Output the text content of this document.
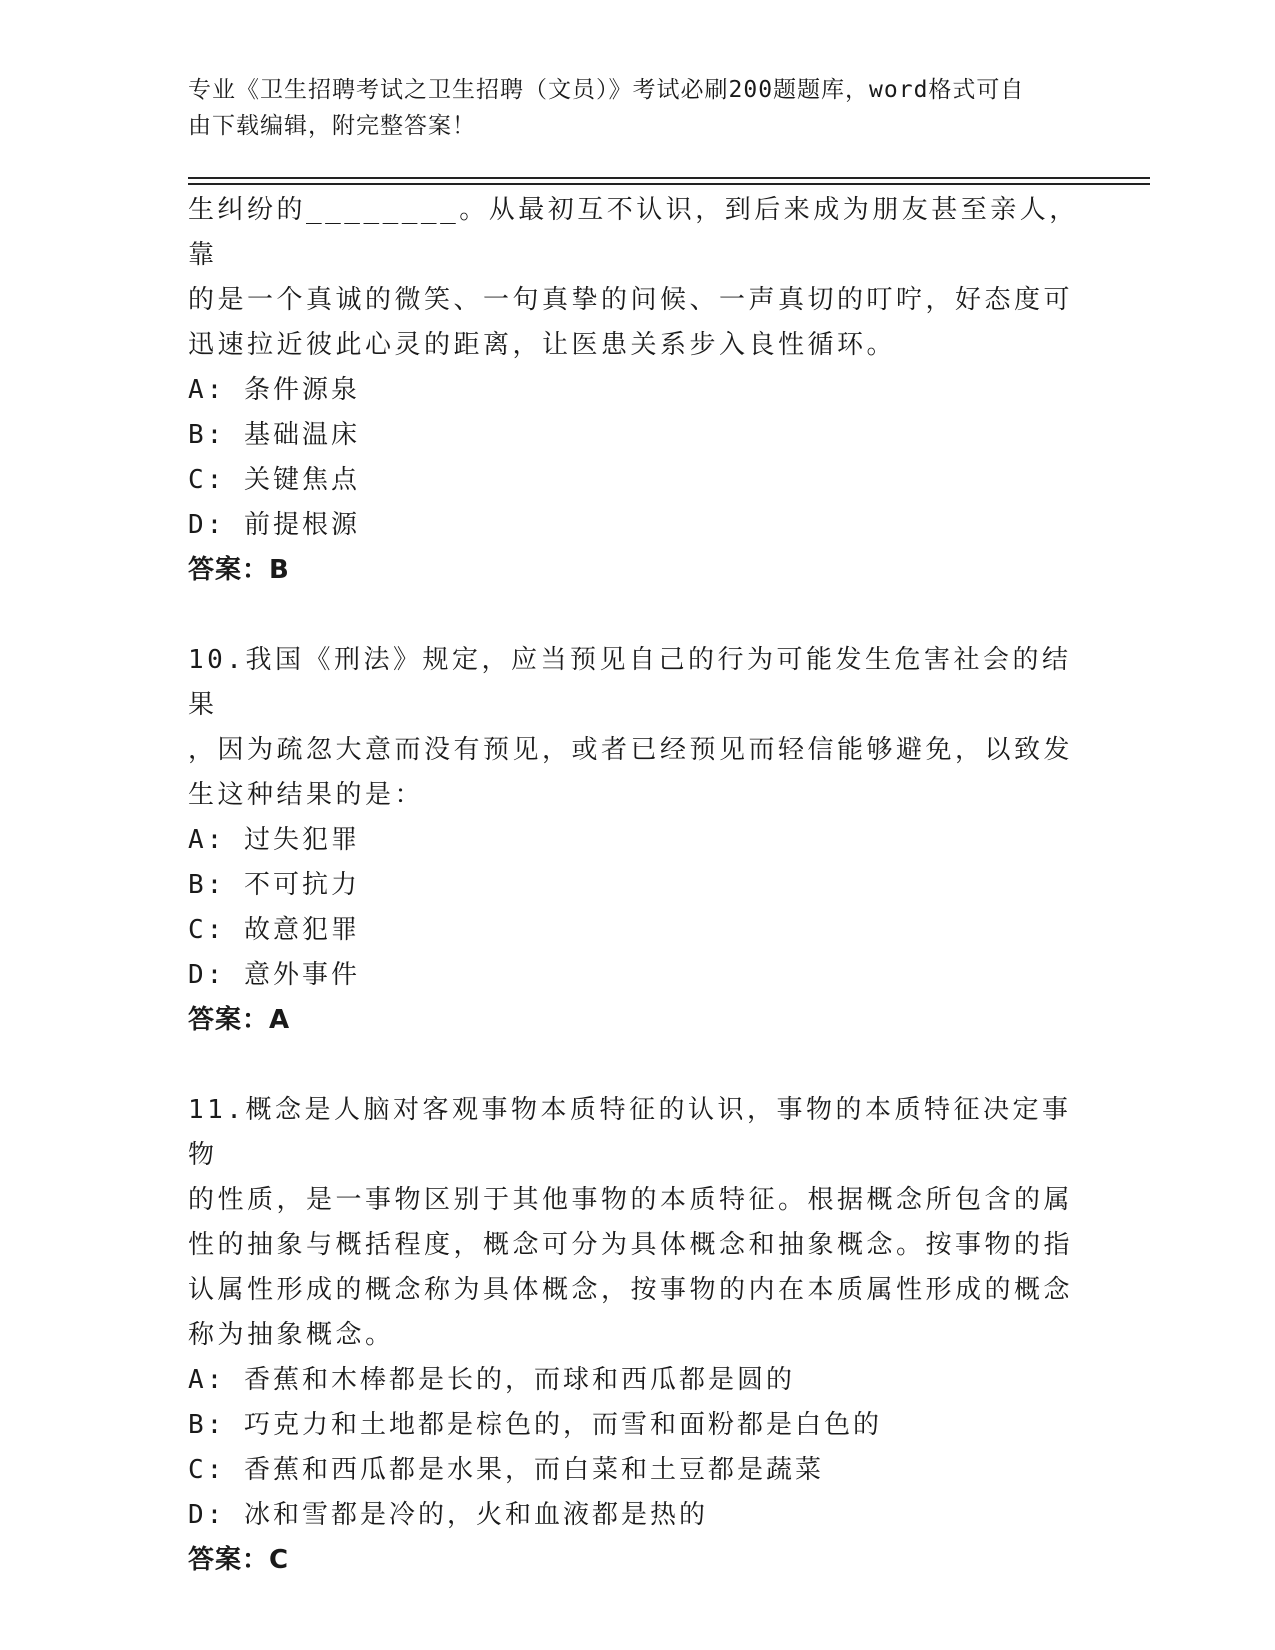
专业《卫生招聘考试之卫生招聘（文员）》考试必刷200题题库，word格式可自
由下载编辑，附完整答案！
生纠纷的________。从最初互不认识，到后来成为朋友甚至亲人，靠
的是一个真诚的微笑、一句真挚的问候、一声真切的叮咛，好态度可
迅速拉近彼此心灵的距离，让医患关系步入良性循环。
A: 条件源泉
B: 基础温床
C: 关键焦点
D: 前提根源
答案：B
10.我国《刑法》规定，应当预见自己的行为可能发生危害社会的结果
，因为疏忽大意而没有预见，或者已经预见而轻信能够避免，以致发
生这种结果的是：
A: 过失犯罪
B: 不可抗力
C: 故意犯罪
D: 意外事件
答案：A
11.概念是人脑对客观事物本质特征的认识，事物的本质特征决定事物
的性质，是一事物区别于其他事物的本质特征。根据概念所包含的属
性的抽象与概括程度，概念可分为具体概念和抽象概念。按事物的指
认属性形成的概念称为具体概念，按事物的内在本质属性形成的概念
称为抽象概念。
A: 香蕉和木棒都是长的，而球和西瓜都是圆的
B: 巧克力和土地都是棕色的，而雪和面粉都是白色的
C: 香蕉和西瓜都是水果，而白菜和土豆都是蔬菜
D: 冰和雪都是冷的，火和血液都是热的
答案：C
